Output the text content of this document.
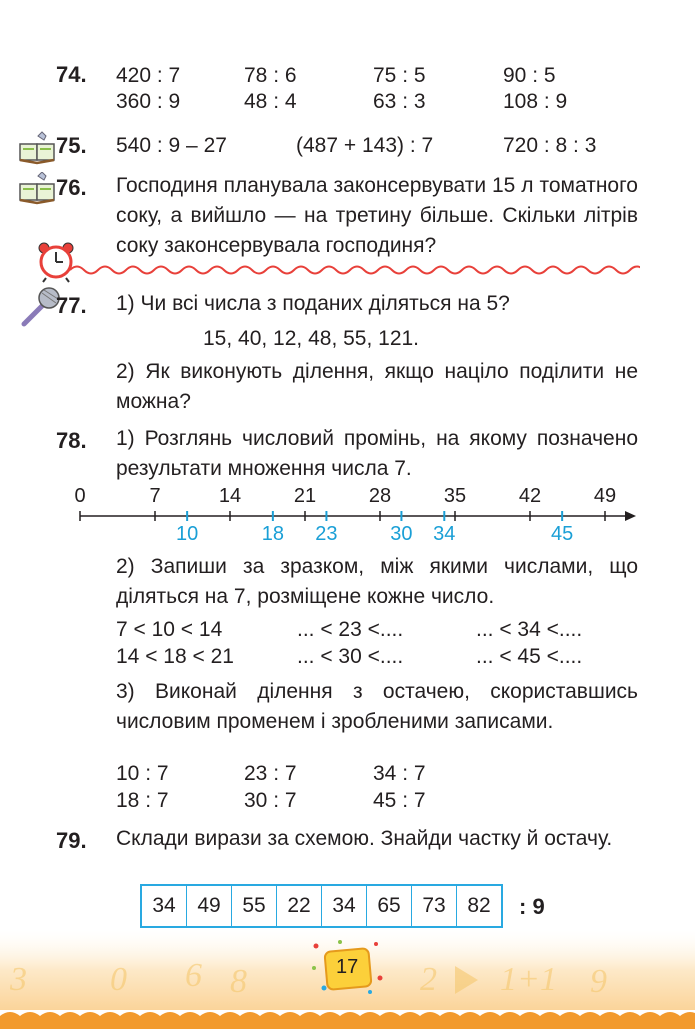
74. 420 : 7	78 : 6	75 : 5	90 : 5
360 : 9	48 : 4	63 : 3	108 : 9
75. 540 : 9 – 27	(487 + 143) : 7	720 : 8 : 3
76. Господиня планувала законсервувати 15 л томатного соку, а вийшло — на третину більше. Скільки літрів соку законсервувала господиня?
77. 1) Чи всі числа з поданих діляться на 5?
15, 40, 12, 48, 55, 121.
2) Як виконують ділення, якщо націло поділити не можна?
78. 1) Розглянь числовий промінь, на якому позначено результати множення числа 7.
0	7	14	21	28	35	42	49
10	18 23	30 34	45
2) Запиши за зразком, між якими числами, що діляться на 7, розміщене кожне число.
7 < 10 < 14	... < 23 <....	... < 34 <....
14 < 18 < 21	... < 30 <....	... < 45 <....
3) Виконай ділення з остачею, скориставшись числовим променем і зробленими записами.
10 : 7	23 : 7	34 : 7
18 : 7	30 : 7	45 : 7
79. Склади вирази за схемою. Знайди частку й остачу.
34	49	55	22	34	65	73	82	: 9
3 0 6 8	2 1+1 9
17
